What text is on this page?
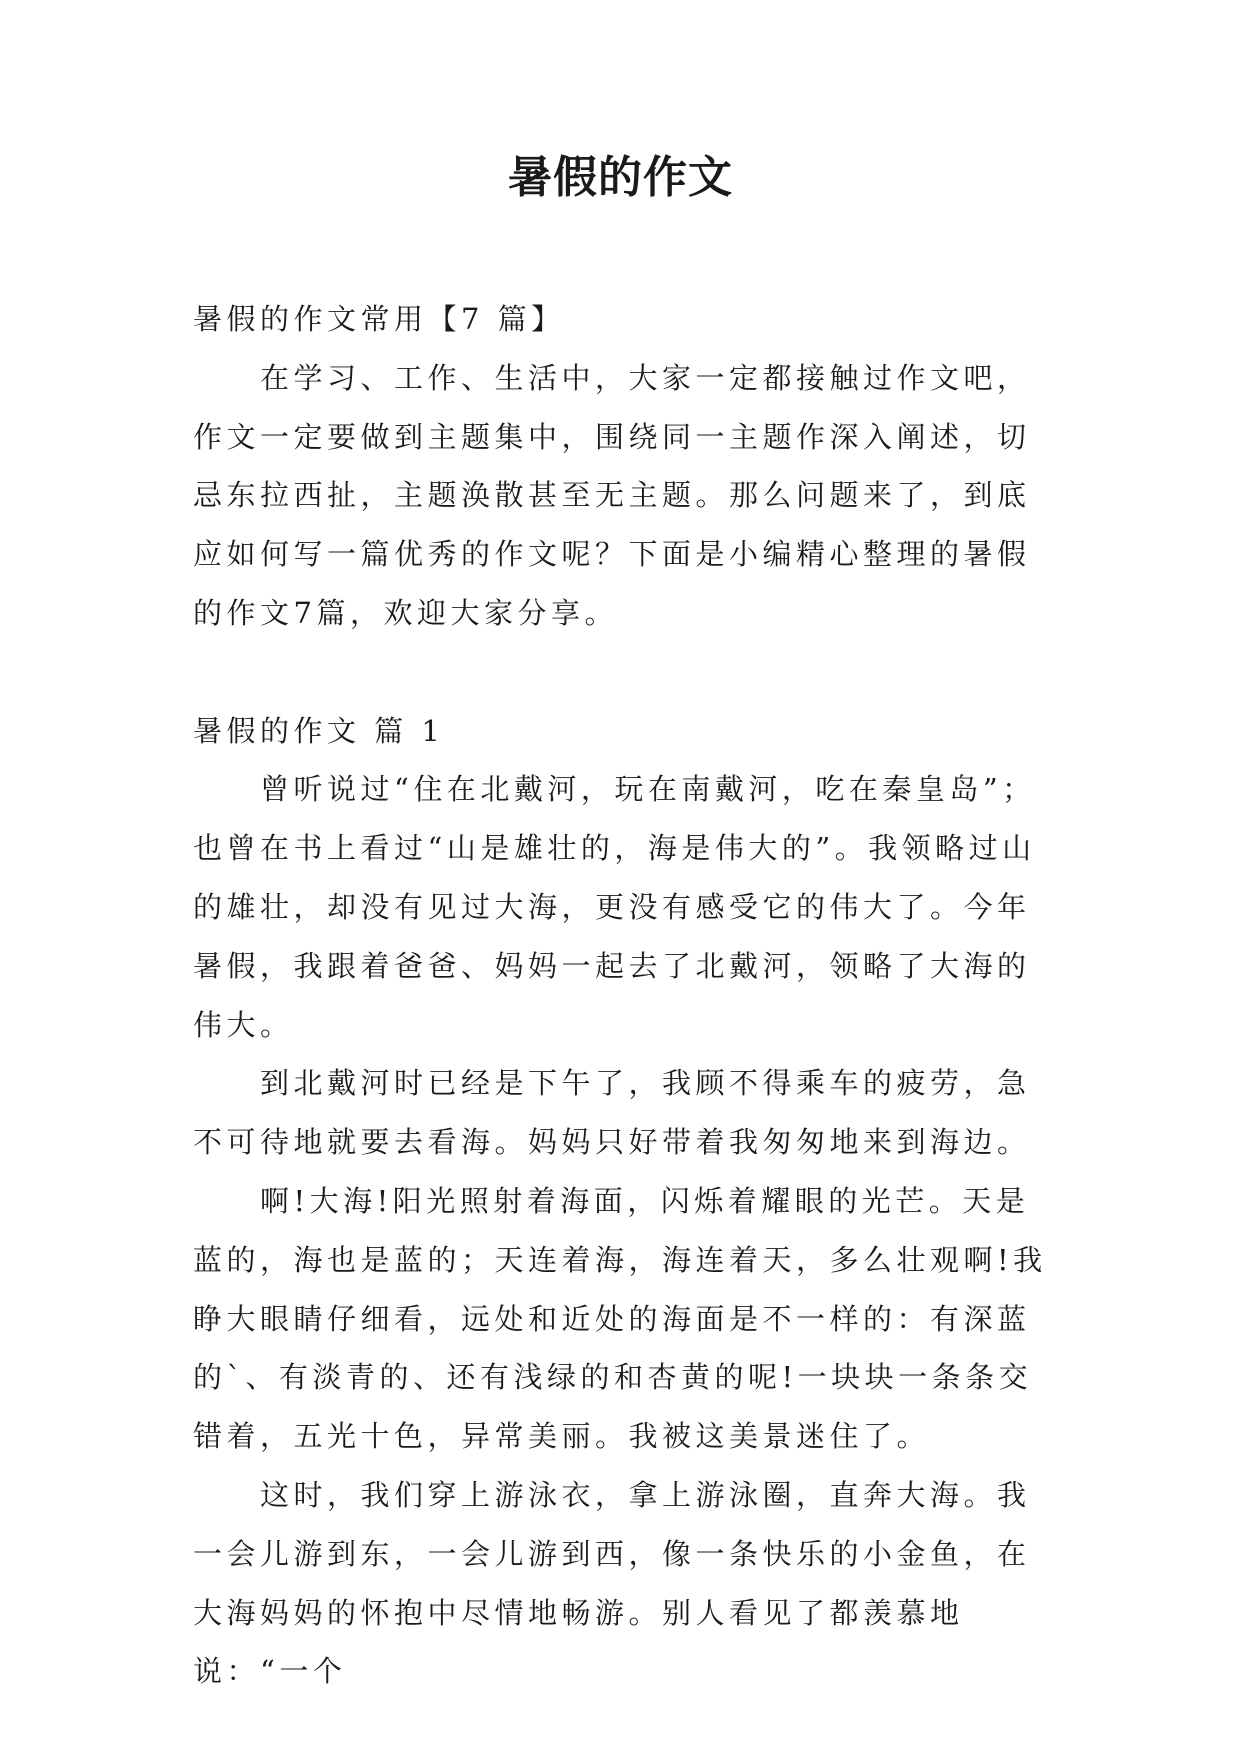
暑假的作文

暑假的作文常用【7 篇】

在学习、工作、生活中，大家一定都接触过作文吧，作文一定要做到主题集中，围绕同一主题作深入阐述，切忌东拉西扯，主题涣散甚至无主题。那么问题来了，到底应如何写一篇优秀的作文呢？下面是小编精心整理的暑假的作文7篇，欢迎大家分享。

暑假的作文 篇 1

曾听说过“住在北戴河，玩在南戴河，吃在秦皇岛”；也曾在书上看过“山是雄壮的，海是伟大的”。我领略过山的雄壮，却没有见过大海，更没有感受它的伟大了。今年暑假，我跟着爸爸、妈妈一起去了北戴河，领略了大海的伟大。

到北戴河时已经是下午了，我顾不得乘车的疲劳，急不可待地就要去看海。妈妈只好带着我匆匆地来到海边。

啊!大海!阳光照射着海面，闪烁着耀眼的光芒。天是蓝的，海也是蓝的；天连着海，海连着天，多么壮观啊!我睁大眼睛仔细看，远处和近处的海面是不一样的：有深蓝的`、有淡青的、还有浅绿的和杏黄的呢!一块块一条条交错着，五光十色，异常美丽。我被这美景迷住了。

这时，我们穿上游泳衣，拿上游泳圈，直奔大海。我一会儿游到东，一会儿游到西，像一条快乐的小金鱼，在大海妈妈的怀抱中尽情地畅游。别人看见了都羡慕地说：“一个
